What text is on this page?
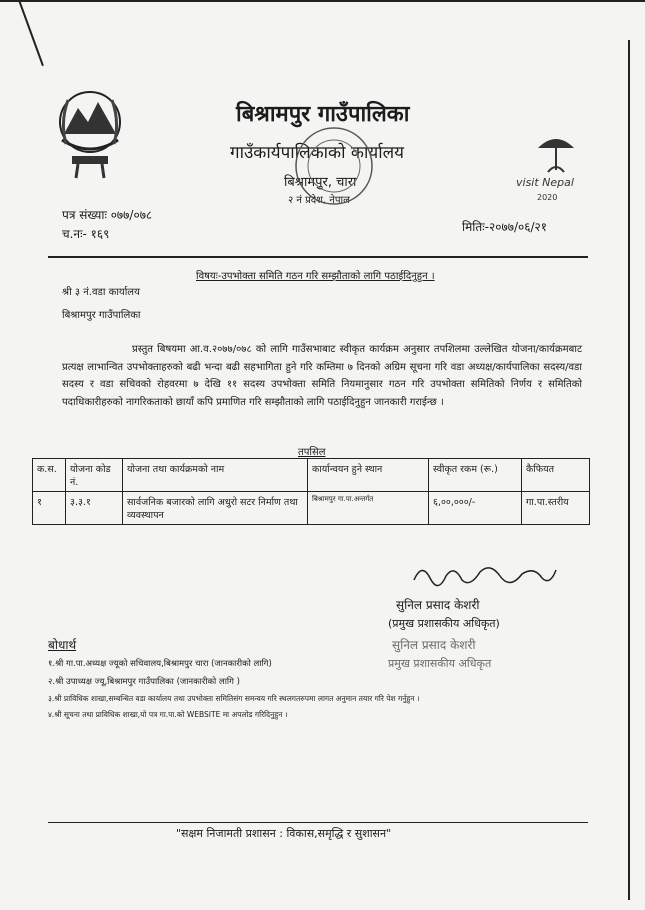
बिश्रामपुर गाउँपालिका
गाउँकार्यपालिकाको कार्यालय
बिश्रामपुर, चारा
२ नं प्रदेश, नेपाल
visit Nepal
2020
पत्र संख्याः ०७७/०७८
च.नः- १६९	मितिः-२०७७/०६/२१
विषयः-उपभोक्ता समिति गठन गरि सम्झौताको लागि पठाईदिनुहुन ।
श्री ३ नं.वडा कार्यालय
बिश्रामपुर गाउँपालिका
प्रस्तुत बिषयमा आ.व.२०७७/०७८ को लागि गाउँसभाबाट स्वीकृत कार्यक्रम अनुसार तपशिलमा उल्लेखित योजना/कार्यक्रमबाट प्रत्यक्ष लाभान्वित उपभोक्ताहरुको बढी भन्दा बढी सहभागिता हुने गरि कम्तिमा ७ दिनको अग्रिम सूचना गरि वडा अध्यक्ष/कार्यपालिका सदस्य/वडा सदस्य र वडा सचिवको रोहवरमा ७ देखि ११ सदस्य उपभोक्ता समिति नियमानुसार गठन गरि उपभोक्ता समितिको निर्णय र समितिको पदाधिकारीहरुको नागरिकताको छायाँ कपि प्रमाणित गरि सम्झौताको लागि पठाईदिनुहुन जानकारी गराईन्छ ।
तपसिल
क.स.	योजना कोड नं.	योजना तथा कार्यक्रमको नाम	कार्यान्वयन हुने स्थान	स्वीकृत रकम (रू.)	कैफियत
१	३.३.१	सार्वजनिक बजारको लागि अधुरो सटर निर्माण तथा व्यवस्थापन	बिश्रामपुर गा.पा.अन्तर्गत	६,००,०००/-	गा.पा.स्तरीय
सुनिल प्रसाद केशरी
(प्रमुख प्रशासकीय अधिकृत)
सुनिल प्रसाद केशरी
प्रमुख प्रशासकीय अधिकृत
बोधार्थ
१.श्री गा.पा.अध्यक्ष ज्यूको सचिवालय,बिश्रामपुर चारा (जानकारीको लागि)
२.श्री उपाध्यक्ष ज्यू,बिश्रामपुर गाउँपालिका (जानकारीको लागि )
३.श्री प्राविधिक शाखा,सम्बन्धित वडा कार्यालय तथा उपभोक्ता समितिसंग समन्वय गरि स्थलगतरुपमा लागत अनुमान तयार गरि पेश गर्नुहुन ।
४.श्री सूचना तथा प्राविधिक शाखा,यो पत्र गा.पा.को WEBSITE मा अपलोड गरिदिनुहुन ।
"सक्षम निजामती प्रशासन : विकास,समृद्धि र सुशासन"
